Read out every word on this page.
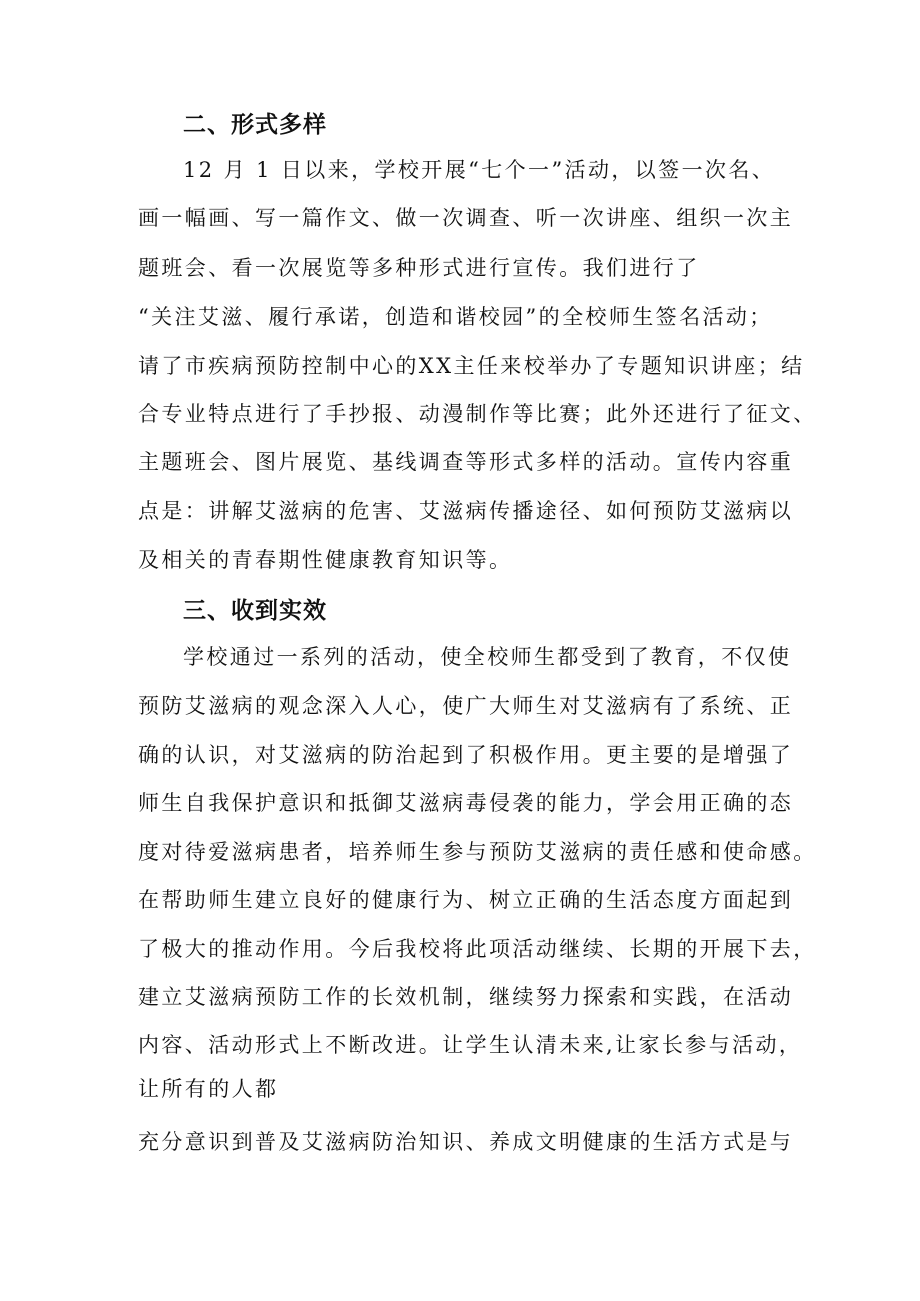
二、形式多样
12 月 1 日以来，学校开展“七个一”活动，以签一次名、
画一幅画、写一篇作文、做一次调查、听一次讲座、组织一次主
题班会、看一次展览等多种形式进行宣传。我们进行了
“关注艾滋、履行承诺，创造和谐校园”的全校师生签名活动；
请了市疾病预防控制中心的XX主任来校举办了专题知识讲座；结
合专业特点进行了手抄报、动漫制作等比赛；此外还进行了征文、
主题班会、图片展览、基线调查等形式多样的活动。宣传内容重
点是：讲解艾滋病的危害、艾滋病传播途径、如何预防艾滋病以
及相关的青春期性健康教育知识等。
三、收到实效
学校通过一系列的活动，使全校师生都受到了教育，不仅使
预防艾滋病的观念深入人心，使广大师生对艾滋病有了系统、正
确的认识，对艾滋病的防治起到了积极作用。更主要的是增强了
师生自我保护意识和抵御艾滋病毒侵袭的能力，学会用正确的态
度对待爱滋病患者，培养师生参与预防艾滋病的责任感和使命感。
在帮助师生建立良好的健康行为、树立正确的生活态度方面起到
了极大的推动作用。今后我校将此项活动继续、长期的开展下去，
建立艾滋病预防工作的长效机制，继续努力探索和实践，在活动
内容、活动形式上不断改进。让学生认清未来,让家长参与活动，
让所有的人都
充分意识到普及艾滋病防治知识、养成文明健康的生活方式是与
